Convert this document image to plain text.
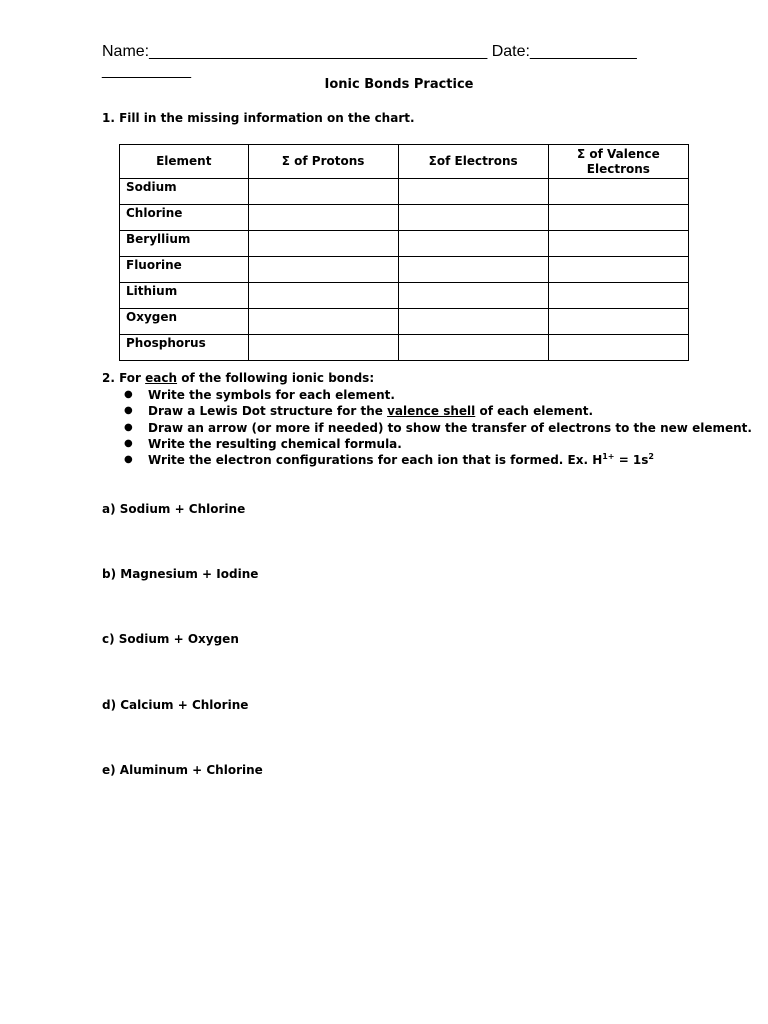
Name:______________________________________ Date:____________
__________
Ionic Bonds Practice
1. Fill in the missing information on the chart.
Element	Σ of Protons	Σof Electrons	Σ of Valence Electrons
Sodium			
Chlorine			
Beryllium			
Fluorine			
Lithium			
Oxygen			
Phosphorus			
2. For each of the following ionic bonds:
● Write the symbols for each element.
● Draw a Lewis Dot structure for the valence shell of each element.
● Draw an arrow (or more if needed) to show the transfer of electrons to the new element.
● Write the resulting chemical formula.
● Write the electron configurations for each ion that is formed. Ex. $H^{1+} = 1s^2$
a) Sodium + Chlorine
b) Magnesium + Iodine
c) Sodium + Oxygen
d) Calcium + Chlorine
e) Aluminum + Chlorine
